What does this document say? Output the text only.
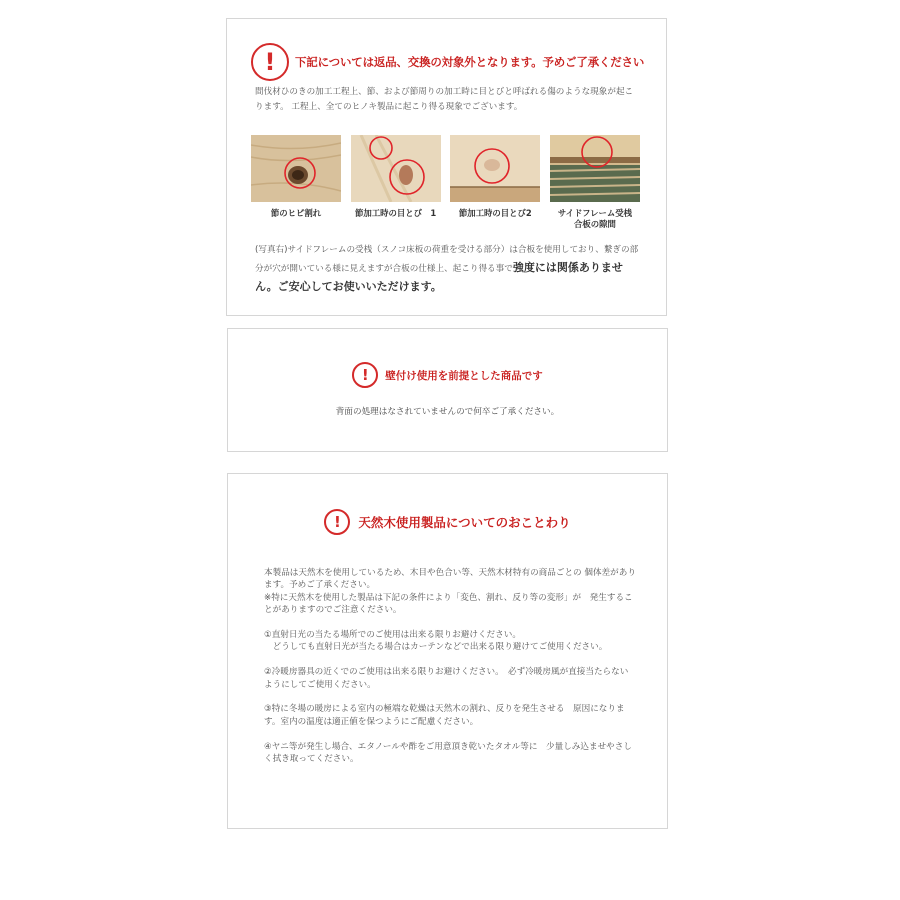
!	下記については返品、交換の対象外となります。予めご了承ください
間伐材ひのきの加工工程上、節、および節周りの加工時に目とびと呼ばれる傷のような現象が起こります。 工程上、全てのヒノキ製品に起こり得る現象でございます。
節のヒビ割れ	節加工時の目とび　1	節加工時の目とび2	サイドフレーム受桟
合板の隙間
(写真右)サイドフレームの受桟（スノコ床板の荷重を受ける部分）は合板を使用しており、繋ぎの部分が穴が開いている様に見えますが合板の仕様上、起こり得る事で強度には関係ありません。ご安心してお使いいただけます。
!	壁付け使用を前提とした商品です
背面の処理はなされていませんので何卒ご了承ください。
!	天然木使用製品についてのおことわり

本製品は天然木を使用しているため、木目や色合い等、天然木材特有の商品ごとの 個体差があります。予めご了承ください。
※特に天然木を使用した製品は下記の条件により「変色、割れ、反り等の変形」が　発生することがありますのでご注意ください。

①直射日光の当たる場所でのご使用は出来る限りお避けください。
　どうしても直射日光が当たる場合はカーテンなどで出来る限り避けてご使用ください。

②冷暖房器具の近くでのご使用は出来る限りお避けください。　必ず冷暖房風が直接当たらないようにしてご使用ください。

③特に冬場の暖房による室内の極端な乾燥は天然木の割れ、反りを発生させる　原因になります。室内の温度は適正値を保つようにご配慮ください。

④ヤニ等が発生し場合、エタノールや酢をご用意頂き乾いたタオル等に　少量しみ込ませやさしく拭き取ってください。
